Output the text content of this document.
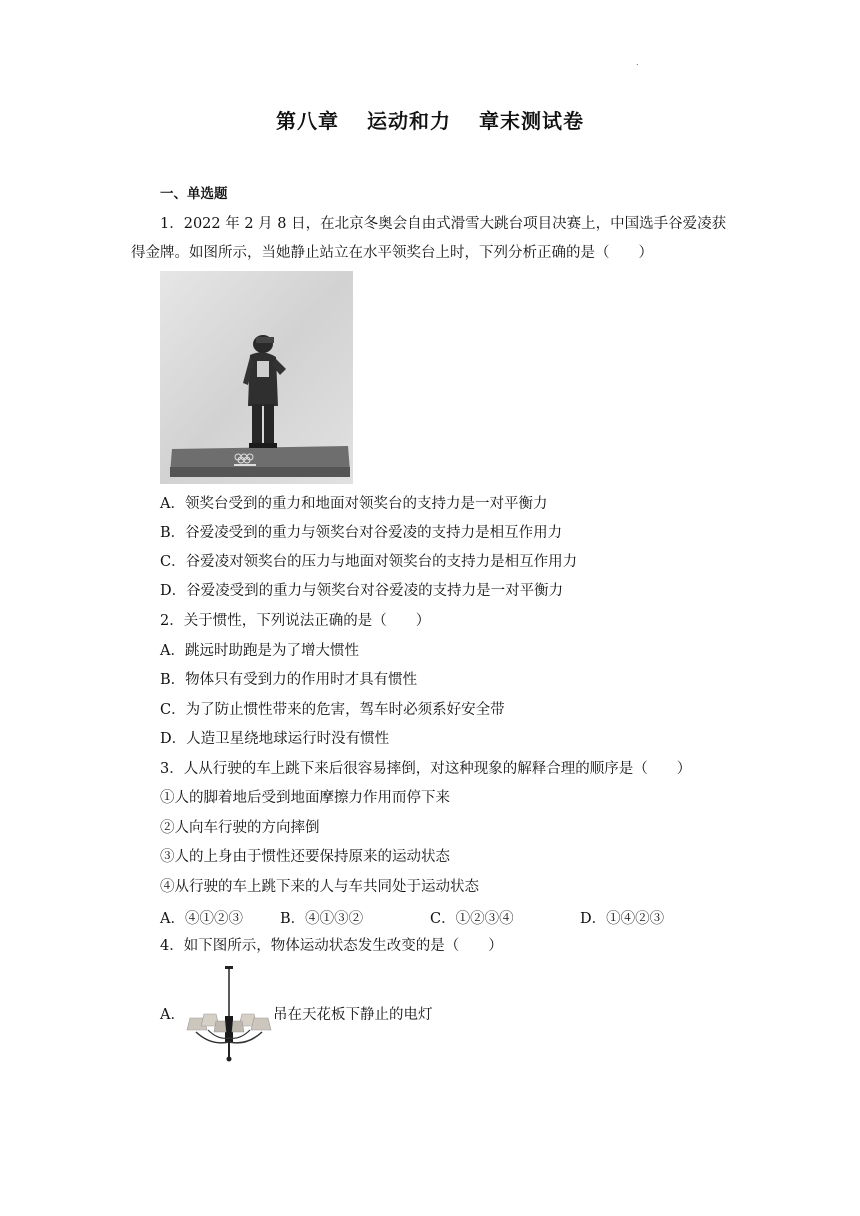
.
第八章 运动和力 章末测试卷
一、单选题
1．2022 年 2 月 8 日，在北京冬奥会自由式滑雪大跳台项目决赛上，中国选手谷爱凌获
得金牌。如图所示，当她静止站立在水平领奖台上时，下列分析正确的是（　　）
A．领奖台受到的重力和地面对领奖台的支持力是一对平衡力
B．谷爱凌受到的重力与领奖台对谷爱凌的支持力是相互作用力
C．谷爱凌对领奖台的压力与地面对领奖台的支持力是相互作用力
D．谷爱凌受到的重力与领奖台对谷爱凌的支持力是一对平衡力
2．关于惯性，下列说法正确的是（　　）
A．跳远时助跑是为了增大惯性
B．物体只有受到力的作用时才具有惯性
C．为了防止惯性带来的危害，驾车时必须系好安全带
D．人造卫星绕地球运行时没有惯性
3．人从行驶的车上跳下来后很容易摔倒，对这种现象的解释合理的顺序是（　　）
①人的脚着地后受到地面摩擦力作用而停下来
②人向车行驶的方向摔倒
③人的上身由于惯性还要保持原来的运动状态
④从行驶的车上跳下来的人与车共同处于运动状态
A．④①②③	B．④①③②	C．①②③④	D．①④②③
4．如下图所示，物体运动状态发生改变的是（　　）
A．	吊在天花板下静止的电灯
